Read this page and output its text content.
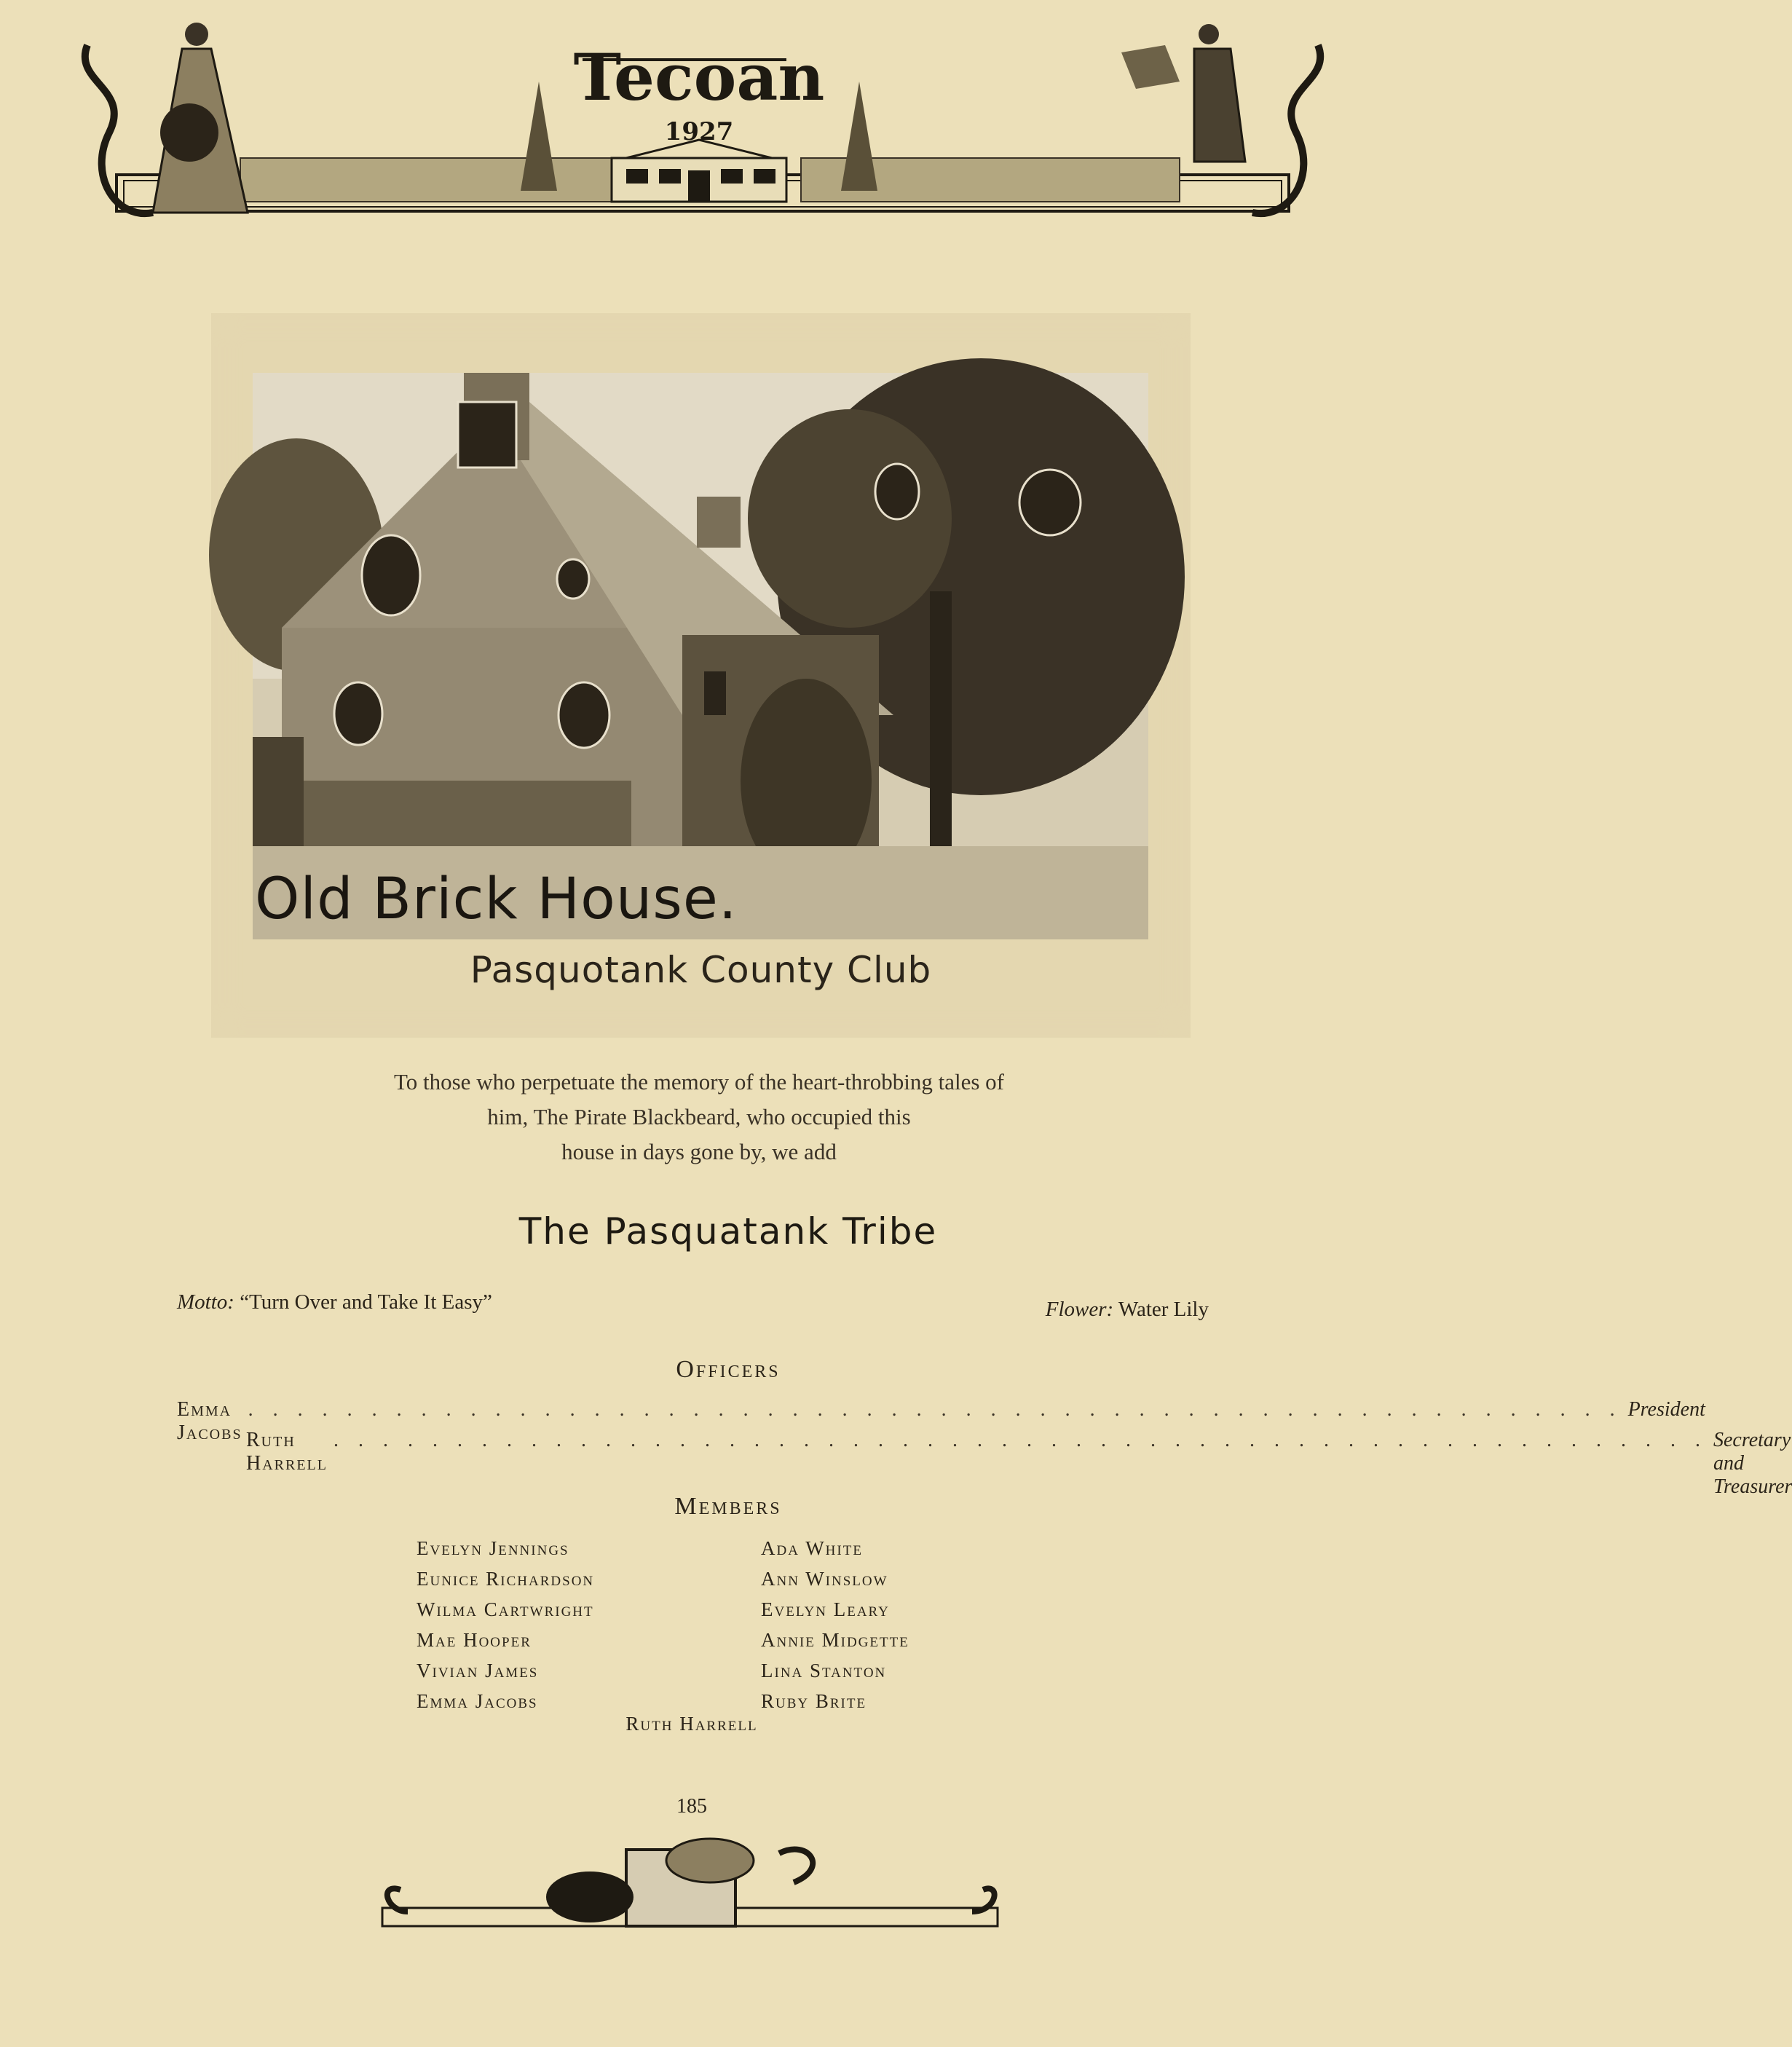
Tecoan
1927
Old Brick House.
Pasquotank County Club
To those who perpetuate the memory of the heart-throbbing tales of
him, The Pirate Blackbeard, who occupied this
house in days gone by, we add
The Pasquatank Tribe
Motto: “Turn Over and Take It Easy”	Flower: Water Lily
Officers
Emma Jacobs
. . . . . . . . . . . . . . . . . . . . . . . . . . . . . . . . . . . . . . . . . . . . . . . . . . . . . . . . President
Ruth Harrell
. . . . . . . . . . . . . . . . . . . . . . . . . . . . . . . . . . . . . . . . . . . . . . . . . . . . . . . . Secretary and Treasurer
Members
Evelyn Jennings
Eunice Richardson
Wilma Cartwright
Mae Hooper
Vivian James
Emma Jacobs
Ada White
Ann Winslow
Evelyn Leary
Annie Midgette
Lina Stanton
Ruby Brite
Ruth Harrell
185
